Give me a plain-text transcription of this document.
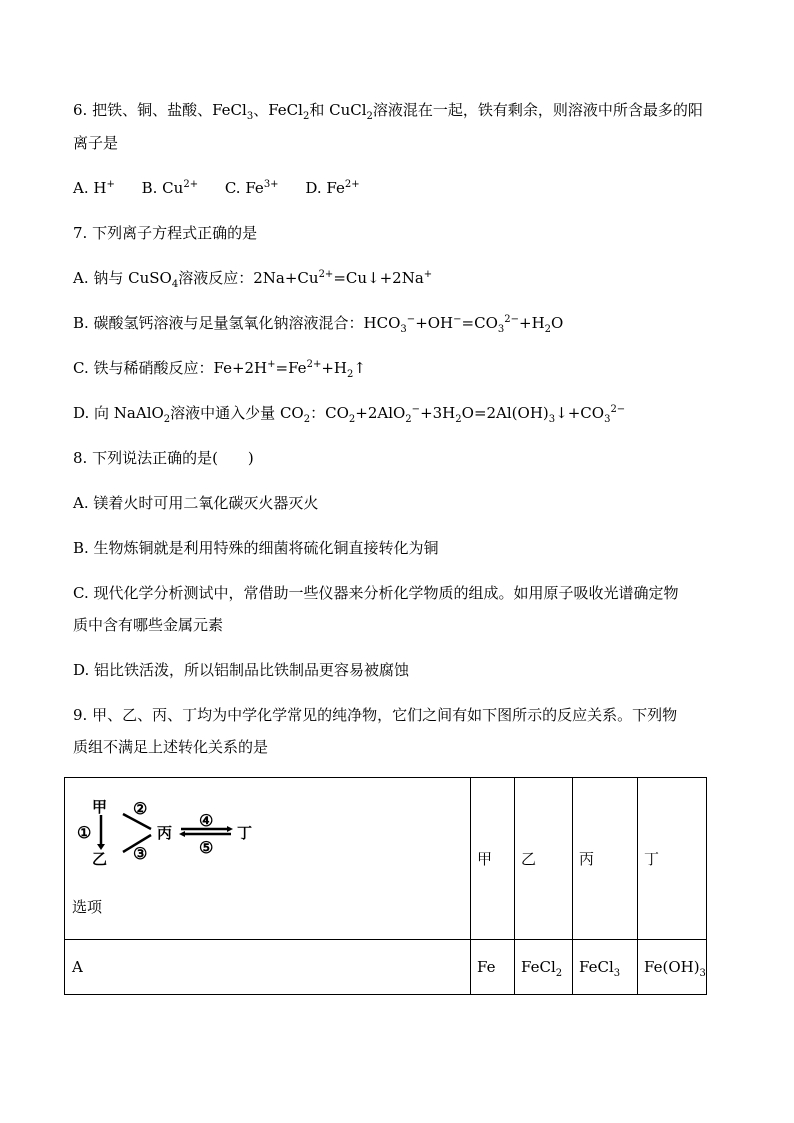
6. 把铁、铜、盐酸、FeCl$_3$、FeCl$_2$和 CuCl$_2$溶液混在一起，铁有剩余，则溶液中所含最多的阳
离子是
A. H+ B. $Cu^{2+}$ C. $Fe^{3+}$ D. $Fe^{2+}$
7. 下列离子方程式正确的是
A. 钠与 CuSO$_4$溶液反应：$2Na+Cu^{2+}=Cu↓+2Na^+$
B. 碳酸氢钙溶液与足量氢氧化钠溶液混合：$HCO_3^-+OH^-=CO_3^{2-}+H_2O$
C. 铁与稀硝酸反应：$Fe+2H^+=Fe^{2+}+H_2↑$
D. 向 NaAlO$_2$溶液中通入少量 $CO_2$：$CO_2+2AlO_2^-+3H_2O=2Al(OH)_3↓+CO_3^{2-}$
8. 下列说法正确的是(　　)
A. 镁着火时可用二氧化碳灭火器灭火
B. 生物炼铜就是利用特殊的细菌将硫化铜直接转化为铜
C. 现代化学分析测试中，常借助一些仪器来分析化学物质的组成。如用原子吸收光谱确定物
质中含有哪些金属元素
D. 铝比铁活泼，所以铝制品比铁制品更容易被腐蚀
9. 甲、乙、丙、丁均为中学化学常见的纯净物，它们之间有如下图所示的反应关系。下列物
质组不满足上述转化关系的是
选项	甲	乙	丙	丁
A	Fe	FeCl$_2$	FeCl$_3$	$Fe(OH)_3$
甲
①
乙
②
③
丙
④
⑤
丁
